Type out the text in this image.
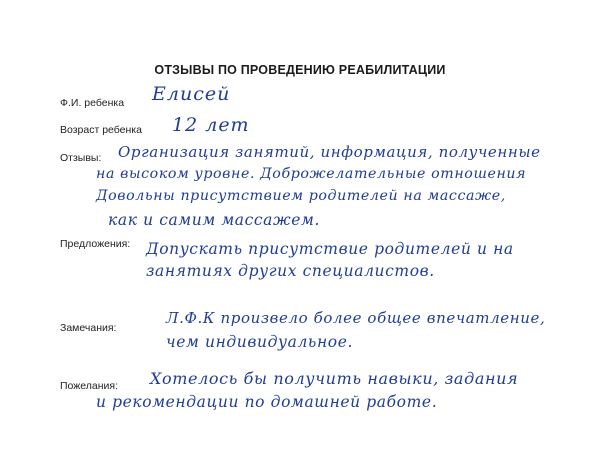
ОТЗЫВЫ ПО ПРОВЕДЕНИЮ РЕАБИЛИТАЦИИ
Ф.И. ребенка Елисей
Возраст ребенка 12 лет
Отзывы: Организация занятий, информация, полученные
на высоком уровне. Доброжелательные отношения
Довольны присутствием родителей на массаже,
как и самим массажем.
Предложения: Допускать присутствие родителей и на
занятиях других специалистов.
Замечания:
Л.Ф.К произвело более общее впечатление,
чем индивидуальное.
Пожелания: Хотелось бы получить навыки, задания
и рекомендации по домашней работе.
